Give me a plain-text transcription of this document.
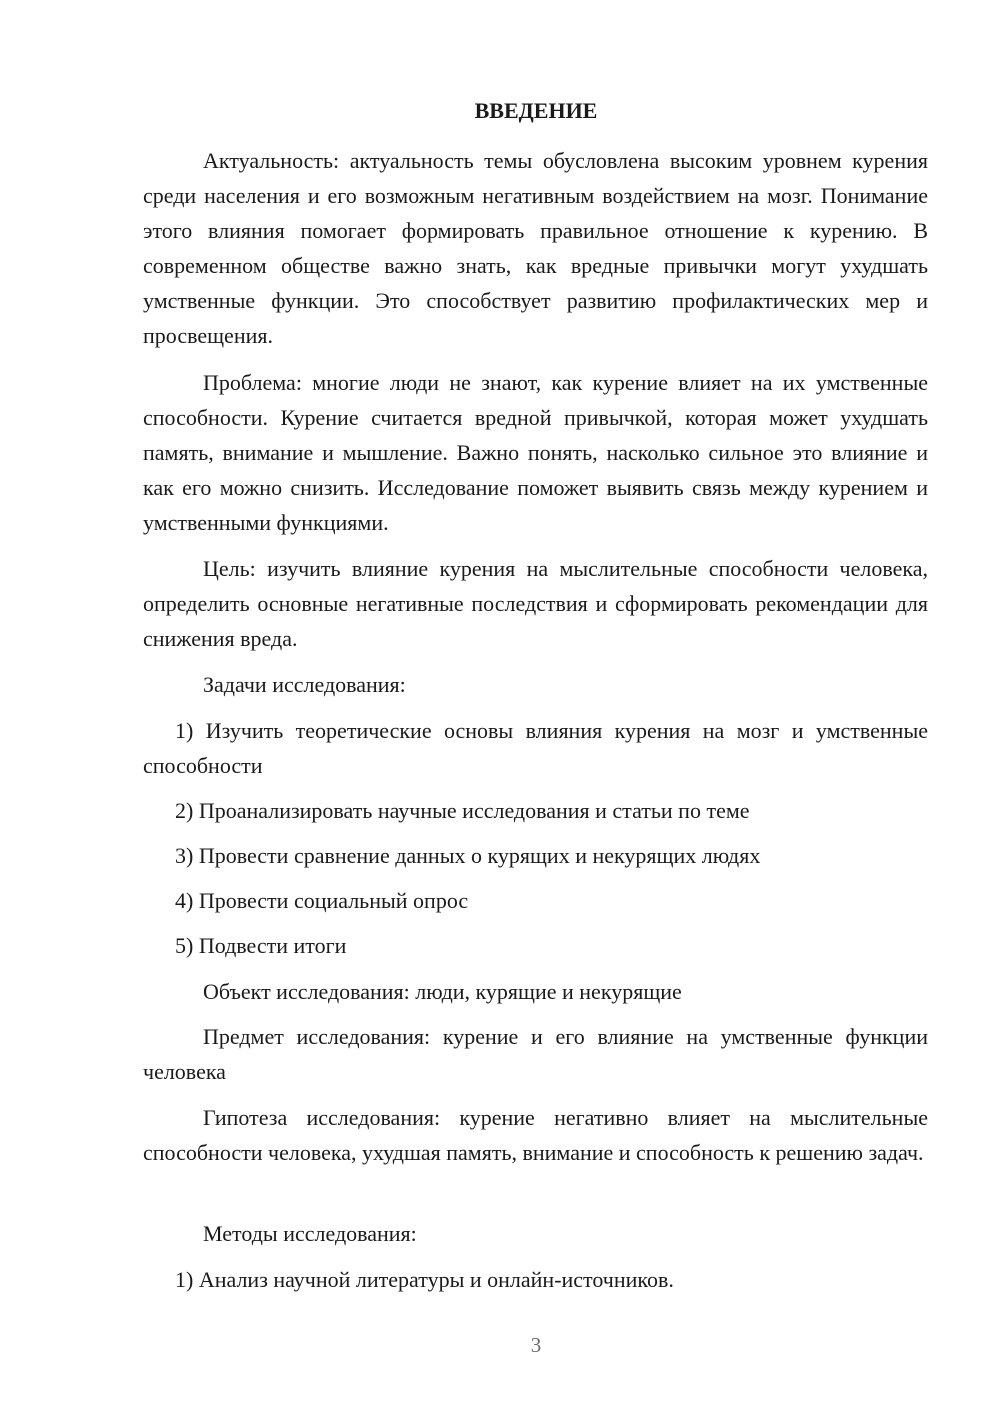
ВВЕДЕНИЕ

Актуальность: актуальность темы обусловлена высоким уровнем курения среди населения и его возможным негативным воздействием на мозг. Понимание этого влияния помогает формировать правильное отношение к курению. В современном обществе важно знать, как вредные привычки могут ухудшать умственные функции. Это способствует развитию профилактических мер и просвещения.

Проблема: многие люди не знают, как курение влияет на их умственные способности. Курение считается вредной привычкой, которая может ухудшать память, внимание и мышление. Важно понять, насколько сильное это влияние и как его можно снизить. Исследование поможет выявить связь между курением и умственными функциями.

Цель: изучить влияние курения на мыслительные способности человека, определить основные негативные последствия и сформировать рекомендации для снижения вреда.

Задачи исследования:

1) Изучить теоретические основы влияния курения на мозг и умственные способности

2) Проанализировать научные исследования и статьи по теме

3) Провести сравнение данных о курящих и некурящих людях

4) Провести социальный опрос

5) Подвести итоги

Объект исследования: люди, курящие и некурящие

Предмет исследования: курение и его влияние на умственные функции человека

Гипотеза исследования: курение негативно влияет на мыслительные способности человека, ухудшая память, внимание и способность к решению задач.

Методы исследования:

1) Анализ научной литературы и онлайн-источников.

3
